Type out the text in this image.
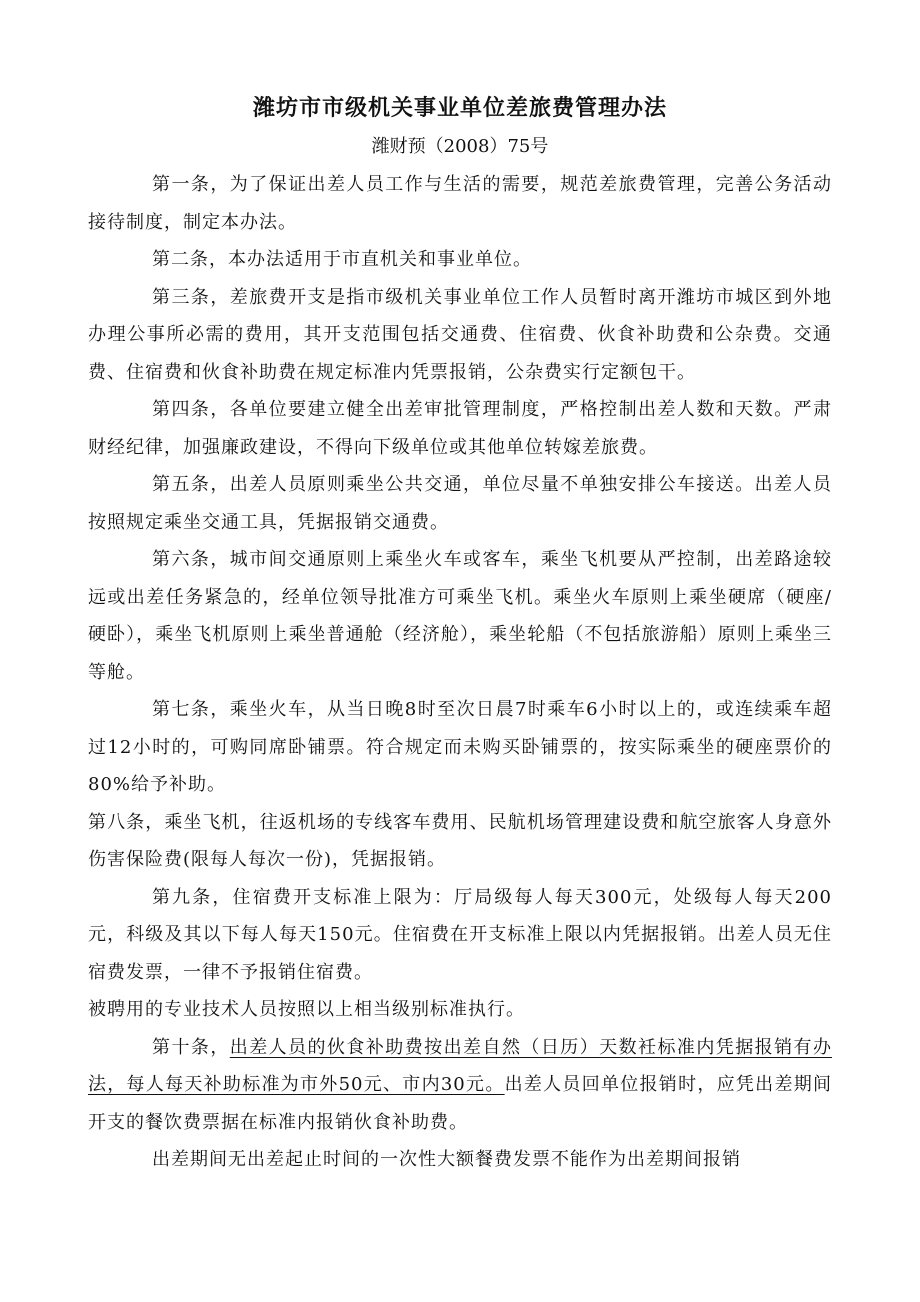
潍坊市市级机关事业单位差旅费管理办法
潍财预（2008）75号

第一条，为了保证出差人员工作与生活的需要，规范差旅费管理，完善公务活动接待制度，制定本办法。

第二条，本办法适用于市直机关和事业单位。

第三条，差旅费开支是指市级机关事业单位工作人员暂时离开潍坊市城区到外地办理公事所必需的费用，其开支范围包括交通费、住宿费、伙食补助费和公杂费。交通费、住宿费和伙食补助费在规定标准内凭票报销，公杂费实行定额包干。

第四条，各单位要建立健全出差审批管理制度，严格控制出差人数和天数。严肃财经纪律，加强廉政建设，不得向下级单位或其他单位转嫁差旅费。

第五条，出差人员原则乘坐公共交通，单位尽量不单独安排公车接送。出差人员按照规定乘坐交通工具，凭据报销交通费。

第六条，城市间交通原则上乘坐火车或客车，乘坐飞机要从严控制，出差路途较远或出差任务紧急的，经单位领导批准方可乘坐飞机。乘坐火车原则上乘坐硬席（硬座/硬卧），乘坐飞机原则上乘坐普通舱（经济舱），乘坐轮船（不包括旅游船）原则上乘坐三等舱。

第七条，乘坐火车，从当日晚8时至次日晨7时乘车6小时以上的，或连续乘车超过12小时的，可购同席卧铺票。符合规定而未购买卧铺票的，按实际乘坐的硬座票价的80%给予补助。

第八条，乘坐飞机，往返机场的专线客车费用、民航机场管理建设费和航空旅客人身意外伤害保险费(限每人每次一份)，凭据报销。

第九条，住宿费开支标准上限为：厅局级每人每天300元，处级每人每天200元，科级及其以下每人每天150元。住宿费在开支标准上限以内凭据报销。出差人员无住宿费发票，一律不予报销住宿费。

被聘用的专业技术人员按照以上相当级别标准执行。

第十条，出差人员的伙食补助费按出差自然（日历）天数衽标准内凭据报销有办法，每人每天补助标准为市外50元、市内30元。出差人员回单位报销时，应凭出差期间开支的餐饮费票据在标准内报销伙食补助费。

出差期间无出差起止时间的一次性大额餐费发票不能作为出差期间报销
